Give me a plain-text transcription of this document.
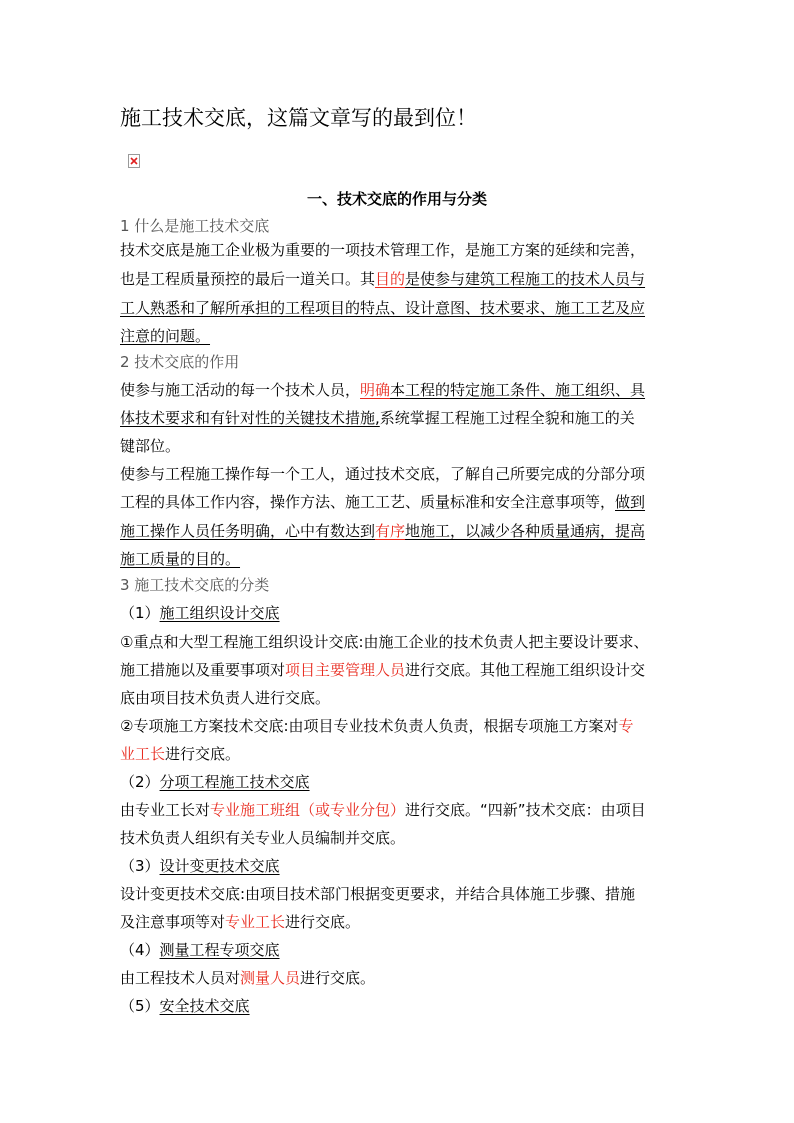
施工技术交底，这篇文章写的最到位！
一、技术交底的作用与分类
1 什么是施工技术交底
技术交底是施工企业极为重要的一项技术管理工作，是施工方案的延续和完善，
也是工程质量预控的最后一道关口。其目的是使参与建筑工程施工的技术人员与
工人熟悉和了解所承担的工程项目的特点、设计意图、技术要求、施工工艺及应
注意的问题。
2 技术交底的作用
使参与施工活动的每一个技术人员，明确本工程的特定施工条件、施工组织、具
体技术要求和有针对性的关键技术措施,系统掌握工程施工过程全貌和施工的关
键部位。
使参与工程施工操作每一个工人，通过技术交底，了解自己所要完成的分部分项
工程的具体工作内容，操作方法、施工工艺、质量标准和安全注意事项等，做到
施工操作人员任务明确，心中有数达到有序地施工，以减少各种质量通病，提高
施工质量的目的。
3 施工技术交底的分类
（1）施工组织设计交底
①重点和大型工程施工组织设计交底:由施工企业的技术负责人把主要设计要求、
施工措施以及重要事项对项目主要管理人员进行交底。其他工程施工组织设计交
底由项目技术负责人进行交底。
②专项施工方案技术交底:由项目专业技术负责人负责，根据专项施工方案对专
业工长进行交底。
（2）分项工程施工技术交底
由专业工长对专业施工班组（或专业分包）进行交底。“四新”技术交底：由项目
技术负责人组织有关专业人员编制并交底。
（3）设计变更技术交底
设计变更技术交底:由项目技术部门根据变更要求，并结合具体施工步骤、措施
及注意事项等对专业工长进行交底。
（4）测量工程专项交底
由工程技术人员对测量人员进行交底。
（5）安全技术交底
